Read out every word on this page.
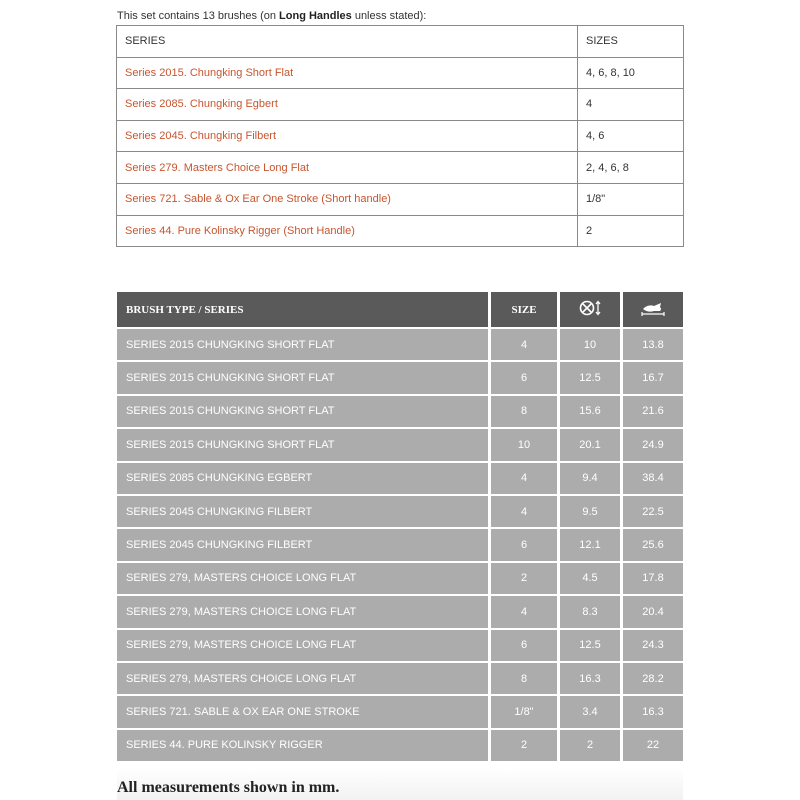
This set contains 13 brushes (on Long Handles unless stated):
SERIES	SIZES
Series 2015. Chungking Short Flat	4, 6, 8, 10
Series 2085. Chungking Egbert	4
Series 2045. Chungking Filbert	4, 6
Series 279. Masters Choice Long Flat	2, 4, 6, 8
Series 721. Sable & Ox Ear One Stroke (Short handle)	1/8"
Series 44. Pure Kolinsky Rigger (Short Handle)	2
BRUSH TYPE / SERIES	SIZE		
SERIES 2015 CHUNGKING SHORT FLAT	4	10	13.8
SERIES 2015 CHUNGKING SHORT FLAT	6	12.5	16.7
SERIES 2015 CHUNGKING SHORT FLAT	8	15.6	21.6
SERIES 2015 CHUNGKING SHORT FLAT	10	20.1	24.9
SERIES 2085 CHUNGKING EGBERT	4	9.4	38.4
SERIES 2045 CHUNGKING FILBERT	4	9.5	22.5
SERIES 2045 CHUNGKING FILBERT	6	12.1	25.6
SERIES 279, MASTERS CHOICE LONG FLAT	2	4.5	17.8
SERIES 279, MASTERS CHOICE LONG FLAT	4	8.3	20.4
SERIES 279, MASTERS CHOICE LONG FLAT	6	12.5	24.3
SERIES 279, MASTERS CHOICE LONG FLAT	8	16.3	28.2
SERIES 721. SABLE & OX EAR ONE STROKE	1/8"	3.4	16.3
SERIES 44. PURE KOLINSKY RIGGER	2	2	22
All measurements shown in mm.
